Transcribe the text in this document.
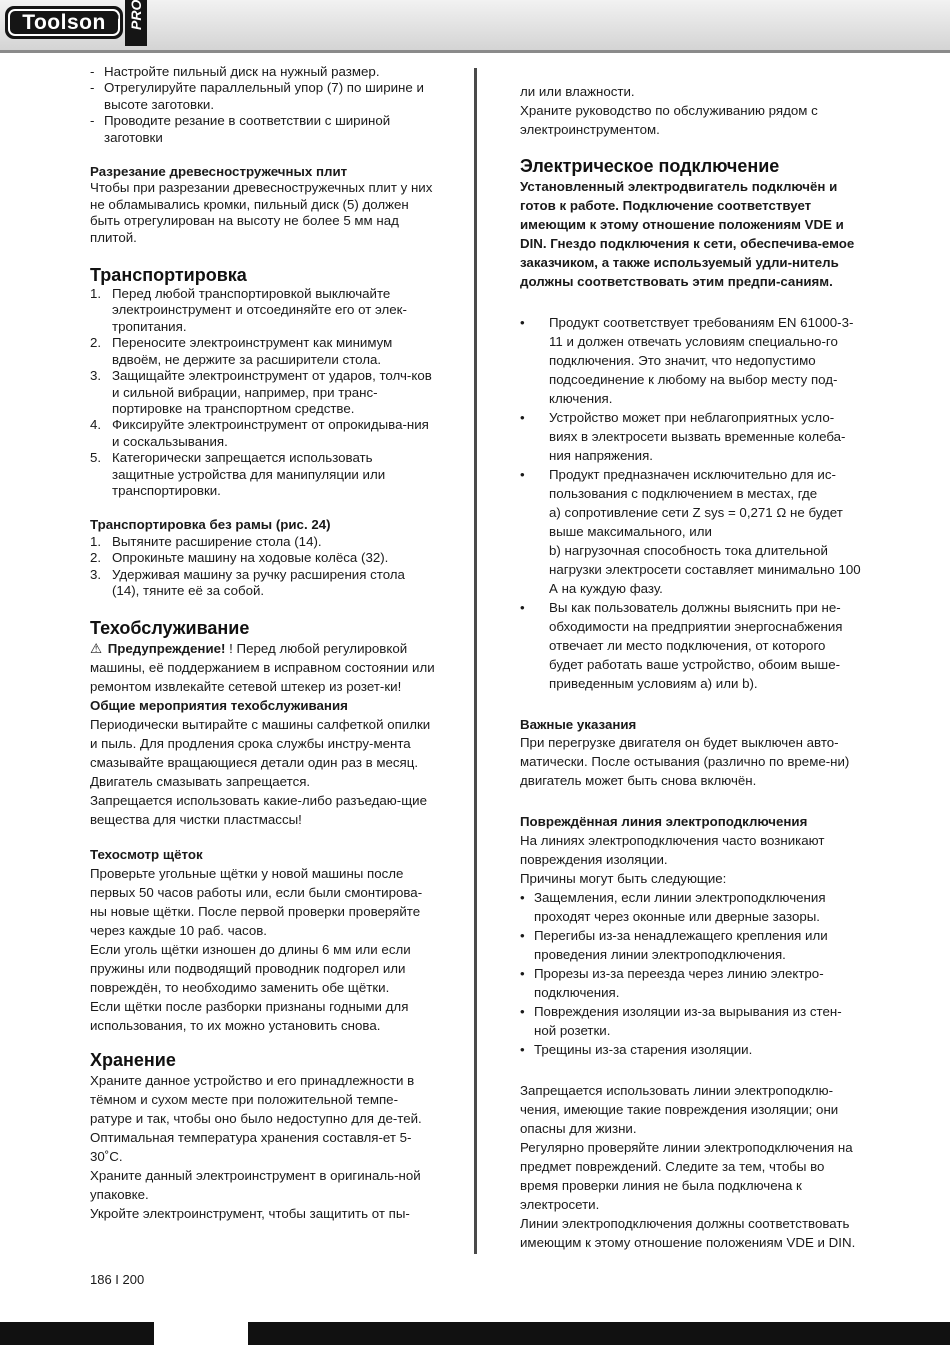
Toolson ® PRO
- Настройте пильный диск на нужный размер.
- Отрегулируйте параллельный упор (7) по ширине и высоте заготовки.
- Проводите резание в соответствии с шириной заготовки

Разрезание древесностружечных плит

Чтобы при разрезании древесностружечных плит у них не обламывались кромки, пильный диск (5) должен быть отрегулирован на высоту не более 5 мм над плитой.

Транспортировка

1. Перед любой транспортировкой выключайте электроинструмент и отсоединяйте его от элек-тропитания.
2. Переносите электроинструмент как минимум вдвоём, не держите за расширители стола.
3. Защищайте электроинструмент от ударов, толч-ков и сильной вибрации, например, при транс-портировке на транспортном средстве.
4. Фиксируйте электроинструмент от опрокидыва-ния и соскальзывания.
5. Категорически запрещается использовать защитные устройства для манипуляции или транспортировки.

Транспортировка без рамы (рис. 24)

1. Вытяните расширение стола (14).
2. Опрокиньте машину на ходовые колёса (32).
3. Удерживая машину за ручку расширения стола (14), тяните её за собой.

Техобслуживание

⚠ Предупреждение! ! Перед любой регулировкой машины, её поддержанием в исправном состоянии или ремонтом извлекайте сетевой штекер из розет-ки!

Общие мероприятия техобслуживания

Периодически вытирайте с машины салфеткой опилки и пыль. Для продления срока службы инстру-мента смазывайте вращающиеся детали один раз в месяц. Двигатель смазывать запрещается.

Запрещается использовать какие-либо разъедаю-щие вещества для чистки пластмассы!

Техосмотр щёток

Проверьте угольные щётки у новой машины после первых 50 часов работы или, если были смонтирова-ны новые щётки. После первой проверки проверяйте через каждые 10 раб. часов.

Если уголь щётки изношен до длины 6 мм или если пружины или подводящий проводник подгорел или повреждён, то необходимо заменить обе щётки.

Если щётки после разборки признаны годными для использования, то их можно установить снова.

Хранение

Храните данное устройство и его принадлежности в тёмном и сухом месте при положительной темпе-ратуре и так, чтобы оно было недоступно для де-тей. Оптимальная температура хранения составля-ет 5-30˚C.

Храните данный электроинструмент в оригиналь-ной упаковке.

Укройте электроинструмент, чтобы защитить от пы-

ли или влажности.

Храните руководство по обслуживанию рядом с электроинструментом.

Электрическое подключение

Установленный электродвигатель подключён и готов к работе. Подключение соответствует имеющим к этому отношение положениям VDE и DIN. Гнездо подключения к сети, обеспечива-емое заказчиком, а также используемый удли-нитель должны соответствовать этим предпи-саниям.

• Продукт соответствует требованиям EN 61000-3-11 и должен отвечать условиям специально-го подключения. Это значит, что недопустимо подсоединение к любому на выбор месту под-ключения.
• Устройство может при неблагоприятных усло-виях в электросети вызвать временные колеба-ния напряжения.
• Продукт предназначен исключительно для ис-пользования с подключением в местах, где
а) сопротивление сети Z sys = 0,271 Ω не будет выше максимального, или
b) нагрузочная способность тока длительной нагрузки электросети составляет минимально 100 А на куждую фазу.
• Вы как пользователь должны выяснить при не-обходимости на предприятии энергоснабжения отвечает ли место подключения, от которого будет работать ваше устройство, обоим выше-приведенным условиям а) или b).

Важные указания

При перегрузке двигателя он будет выключен авто-матически. После остывания (различно по време-ни) двигатель может быть снова включён.

Повреждённая линия электроподключения

На линиях электроподключения часто возникают повреждения изоляции.

Причины могут быть следующие:

• Защемления, если линии электроподключения проходят через оконные или дверные зазоры.
• Перегибы из-за ненадлежащего крепления или проведения линии электроподключения.
• Прорезы из-за переезда через линию электро-подключения.
• Повреждения изоляции из-за вырывания из стен-ной розетки.
• Трещины из-за старения изоляции.

Запрещается использовать линии электроподклю-чения, имеющие такие повреждения изоляции; они опасны для жизни.

Регулярно проверяйте линии электроподключения на предмет повреждений. Следите за тем, чтобы во время проверки линия не была подключена к электросети.

Линии электроподключения должны соответствовать имеющим к этому отношение положениям VDE и DIN.

186 I 200
